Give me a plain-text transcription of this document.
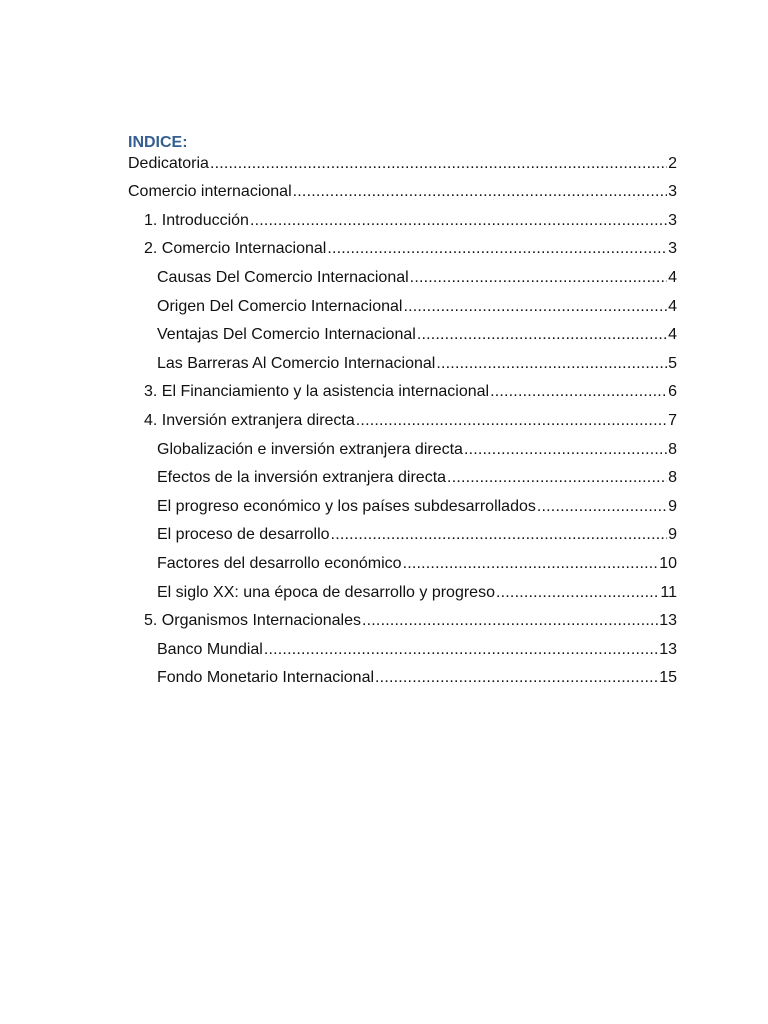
INDICE:
Dedicatoria .....	2
Comercio internacional .....	3
1. Introducción .....	3
2. Comercio Internacional .....	3
Causas Del Comercio Internacional .....	4
Origen Del Comercio Internacional .....	4
Ventajas Del Comercio Internacional .....	4
Las Barreras Al Comercio Internacional .....	5
3. El Financiamiento y la asistencia internacional .....	6
4. Inversión extranjera directa .....	7
Globalización e inversión extranjera directa .....	8
Efectos de la inversión extranjera directa .....	8
El progreso económico y los países subdesarrollados .....	9
El proceso de desarrollo .....	9
Factores del desarrollo económico .....	10
El siglo XX: una época de desarrollo y progreso .....	11
5. Organismos Internacionales .....	13
Banco Mundial .....	13
Fondo Monetario Internacional .....	15
